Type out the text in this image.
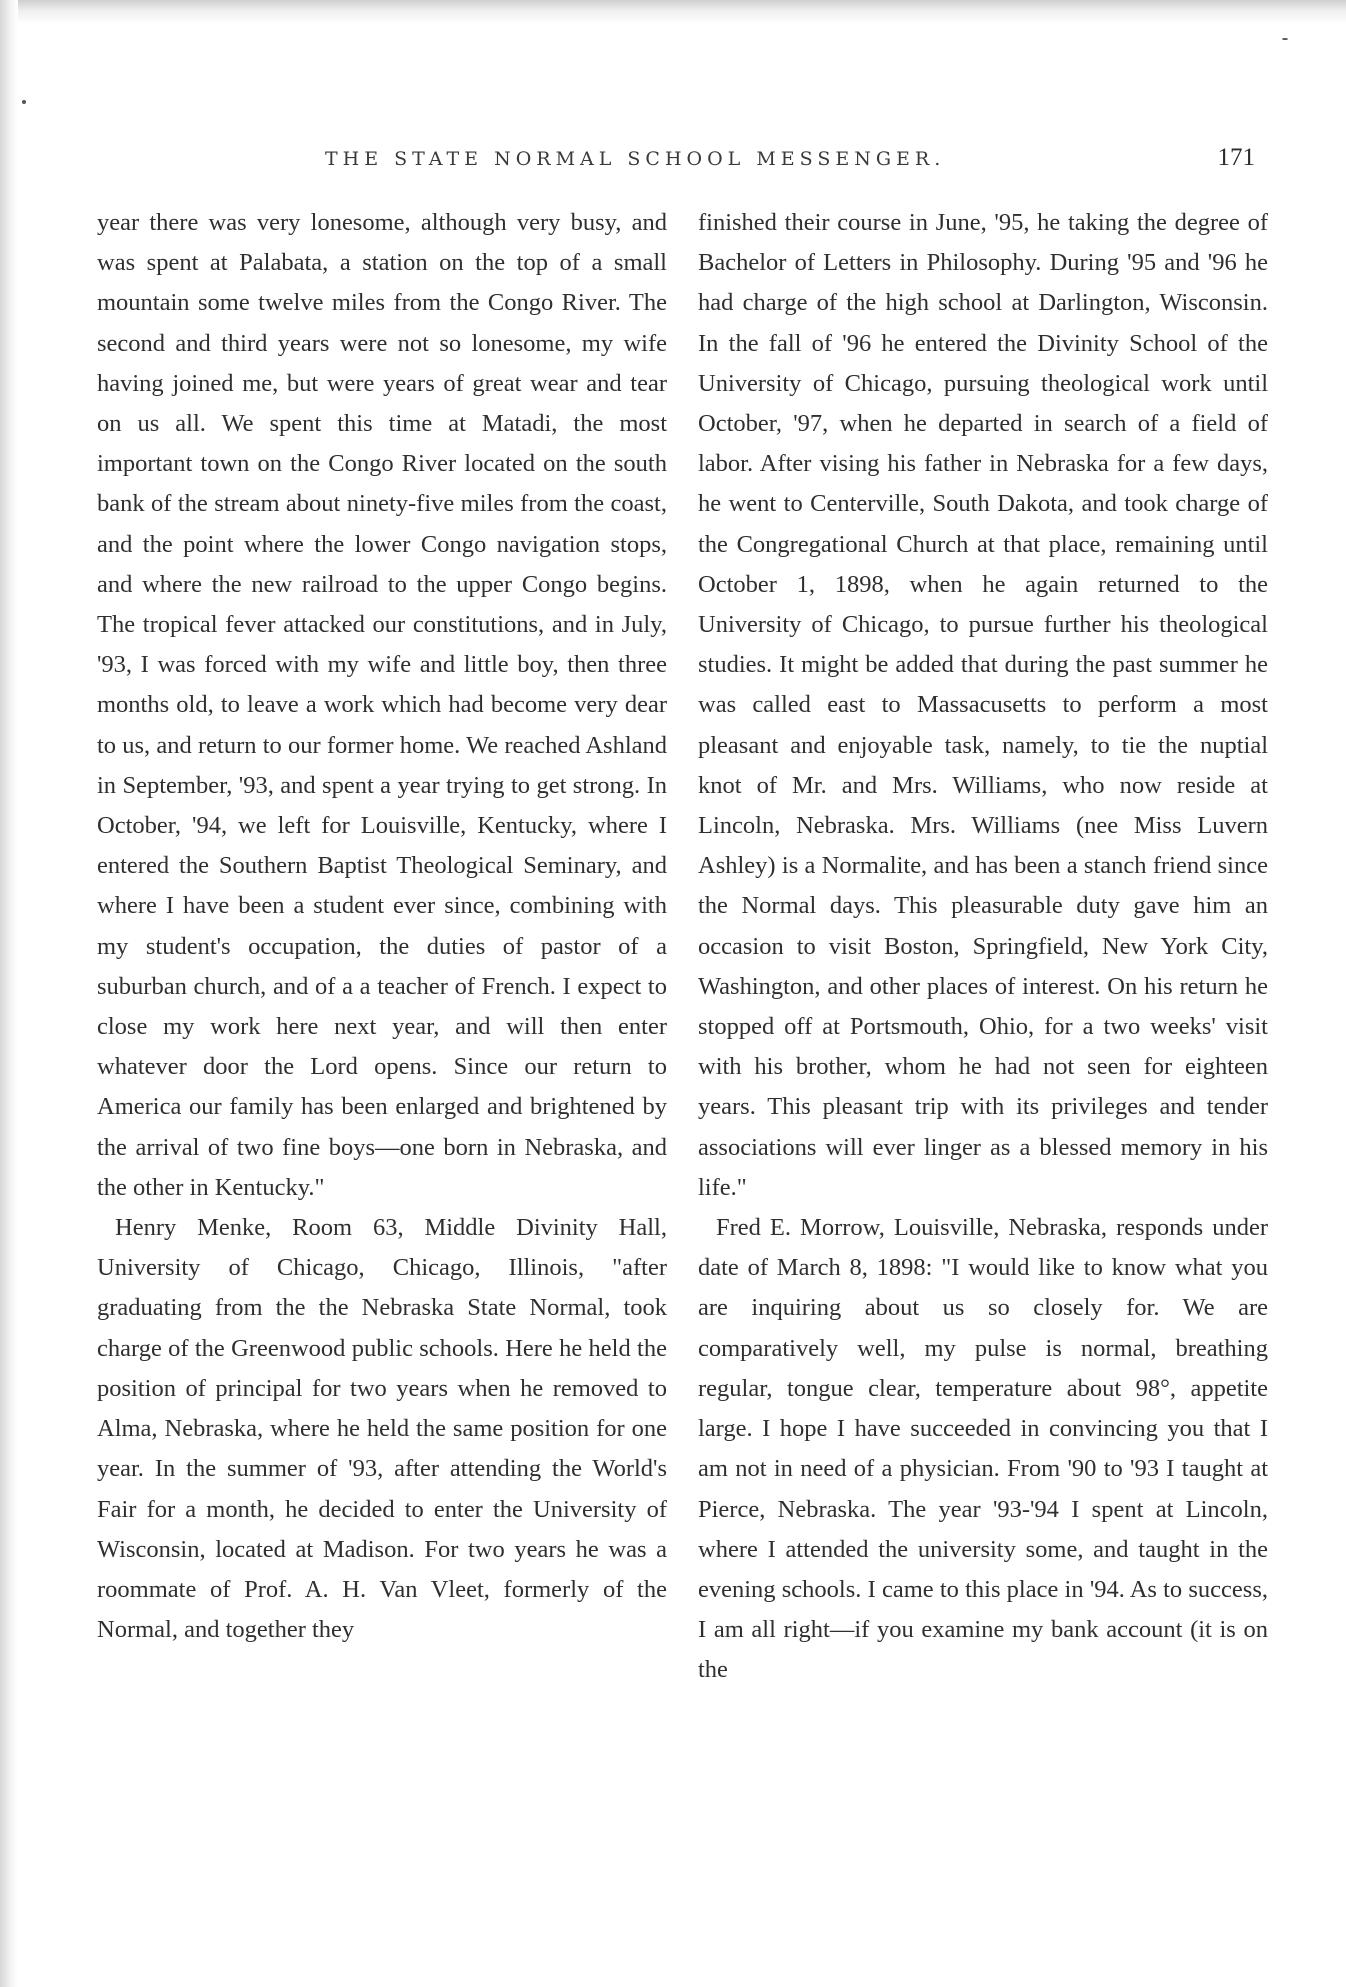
THE STATE NORMAL SCHOOL MESSENGER.	171

year there was very lonesome, although very busy, and was spent at Palabata, a station on the top of a small mountain some twelve miles from the Congo River. The second and third years were not so lonesome, my wife having joined me, but were years of great wear and tear on us all. We spent this time at Matadi, the most important town on the Congo River located on the south bank of the stream about ninety-five miles from the coast, and the point where the lower Congo navigation stops, and where the new railroad to the upper Congo begins. The tropical fever attacked our constitutions, and in July, '93, I was forced with my wife and little boy, then three months old, to leave a work which had become very dear to us, and return to our former home. We reached Ashland in September, '93, and spent a year trying to get strong. In October, '94, we left for Louisville, Kentucky, where I entered the Southern Baptist Theological Seminary, and where I have been a student ever since, combining with my student's occupation, the duties of pastor of a suburban church, and of a a teacher of French. I expect to close my work here next year, and will then enter whatever door the Lord opens. Since our return to America our family has been enlarged and brightened by the arrival of two fine boys—one born in Nebraska, and the other in Kentucky."

Henry Menke, Room 63, Middle Divinity Hall, University of Chicago, Chicago, Illinois, "after graduating from the the Nebraska State Normal, took charge of the Greenwood public schools. Here he held the position of principal for two years when he removed to Alma, Nebraska, where he held the same position for one year. In the summer of '93, after attending the World's Fair for a month, he decided to enter the University of Wisconsin, located at Madison. For two years he was a roommate of Prof. A. H. Van Vleet, formerly of the Normal, and together they

finished their course in June, '95, he taking the degree of Bachelor of Letters in Philosophy. During '95 and '96 he had charge of the high school at Darlington, Wisconsin. In the fall of '96 he entered the Divinity School of the University of Chicago, pursuing theological work until October, '97, when he departed in search of a field of labor. After vising his father in Nebraska for a few days, he went to Centerville, South Dakota, and took charge of the Congregational Church at that place, remaining until October 1, 1898, when he again returned to the University of Chicago, to pursue further his theological studies. It might be added that during the past summer he was called east to Massacusetts to perform a most pleasant and enjoyable task, namely, to tie the nuptial knot of Mr. and Mrs. Williams, who now reside at Lincoln, Nebraska. Mrs. Williams (nee Miss Luvern Ashley) is a Normalite, and has been a stanch friend since the Normal days. This pleasurable duty gave him an occasion to visit Boston, Springfield, New York City, Washington, and other places of interest. On his return he stopped off at Portsmouth, Ohio, for a two weeks' visit with his brother, whom he had not seen for eighteen years. This pleasant trip with its privileges and tender associations will ever linger as a blessed memory in his life."

Fred E. Morrow, Louisville, Nebraska, responds under date of March 8, 1898: "I would like to know what you are inquiring about us so closely for. We are comparatively well, my pulse is normal, breathing regular, tongue clear, temperature about 98°, appetite large. I hope I have succeeded in convincing you that I am not in need of a physician. From '90 to '93 I taught at Pierce, Nebraska. The year '93-'94 I spent at Lincoln, where I attended the university some, and taught in the evening schools. I came to this place in '94. As to success, I am all right—if you examine my bank account (it is on the
